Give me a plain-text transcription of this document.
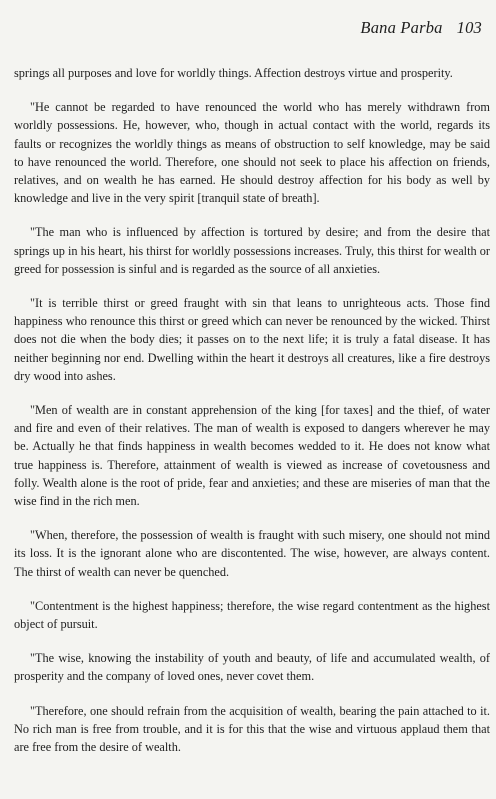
Bana Parba 103

springs all purposes and love for worldly things. Affection destroys virtue and prosperity.

"He cannot be regarded to have renounced the world who has merely withdrawn from worldly possessions. He, however, who, though in actual contact with the world, regards its faults or recognizes the worldly things as means of obstruction to self knowledge, may be said to have renounced the world. Therefore, one should not seek to place his affection on friends, relatives, and on wealth he has earned. He should destroy affection for his body as well by knowledge and live in the very spirit [tranquil state of breath].

"The man who is influenced by affection is tortured by desire; and from the desire that springs up in his heart, his thirst for worldly possessions increases. Truly, this thirst for wealth or greed for possession is sinful and is regarded as the source of all anxieties.

"It is terrible thirst or greed fraught with sin that leans to unrighteous acts. Those find happiness who renounce this thirst or greed which can never be renounced by the wicked. Thirst does not die when the body dies; it passes on to the next life; it is truly a fatal disease. It has neither beginning nor end. Dwelling within the heart it destroys all creatures, like a fire destroys dry wood into ashes.

"Men of wealth are in constant apprehension of the king [for taxes] and the thief, of water and fire and even of their relatives. The man of wealth is exposed to dangers wherever he may be. Actually he that finds happiness in wealth becomes wedded to it. He does not know what true happiness is. Therefore, attainment of wealth is viewed as increase of covetousness and folly. Wealth alone is the root of pride, fear and anxieties; and these are miseries of man that the wise find in the rich men.

"When, therefore, the possession of wealth is fraught with such misery, one should not mind its loss. It is the ignorant alone who are discontented. The wise, however, are always content. The thirst of wealth can never be quenched.

"Contentment is the highest happiness; therefore, the wise regard contentment as the highest object of pursuit.

"The wise, knowing the instability of youth and beauty, of life and accumulated wealth, of prosperity and the company of loved ones, never covet them.

"Therefore, one should refrain from the acquisition of wealth, bearing the pain attached to it. No rich man is free from trouble, and it is for this that the wise and virtuous applaud them that are free from the desire of wealth.
